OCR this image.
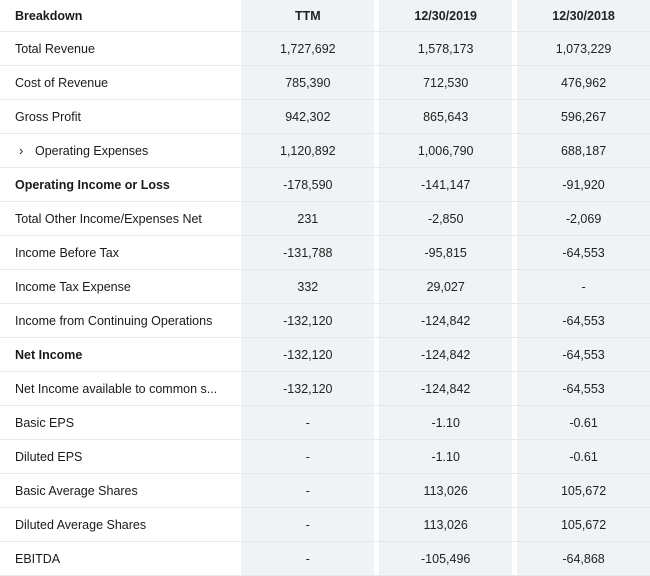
Breakdown	TTM	12/30/2019	12/30/2018
Total Revenue	1,727,692	1,578,173	1,073,229
Cost of Revenue	785,390	712,530	476,962
Gross Profit	942,302	865,643	596,267
› Operating Expenses	1,120,892	1,006,790	688,187
Operating Income or Loss	-178,590	-141,147	-91,920
Total Other Income/Expenses Net	231	-2,850	-2,069
Income Before Tax	-131,788	-95,815	-64,553
Income Tax Expense	332	29,027	-
Income from Continuing Operations	-132,120	-124,842	-64,553
Net Income	-132,120	-124,842	-64,553
Net Income available to common s...	-132,120	-124,842	-64,553
Basic EPS	-	-1.10	-0.61
Diluted EPS	-	-1.10	-0.61
Basic Average Shares	-	113,026	105,672
Diluted Average Shares	-	113,026	105,672
EBITDA	-	-105,496	-64,868
